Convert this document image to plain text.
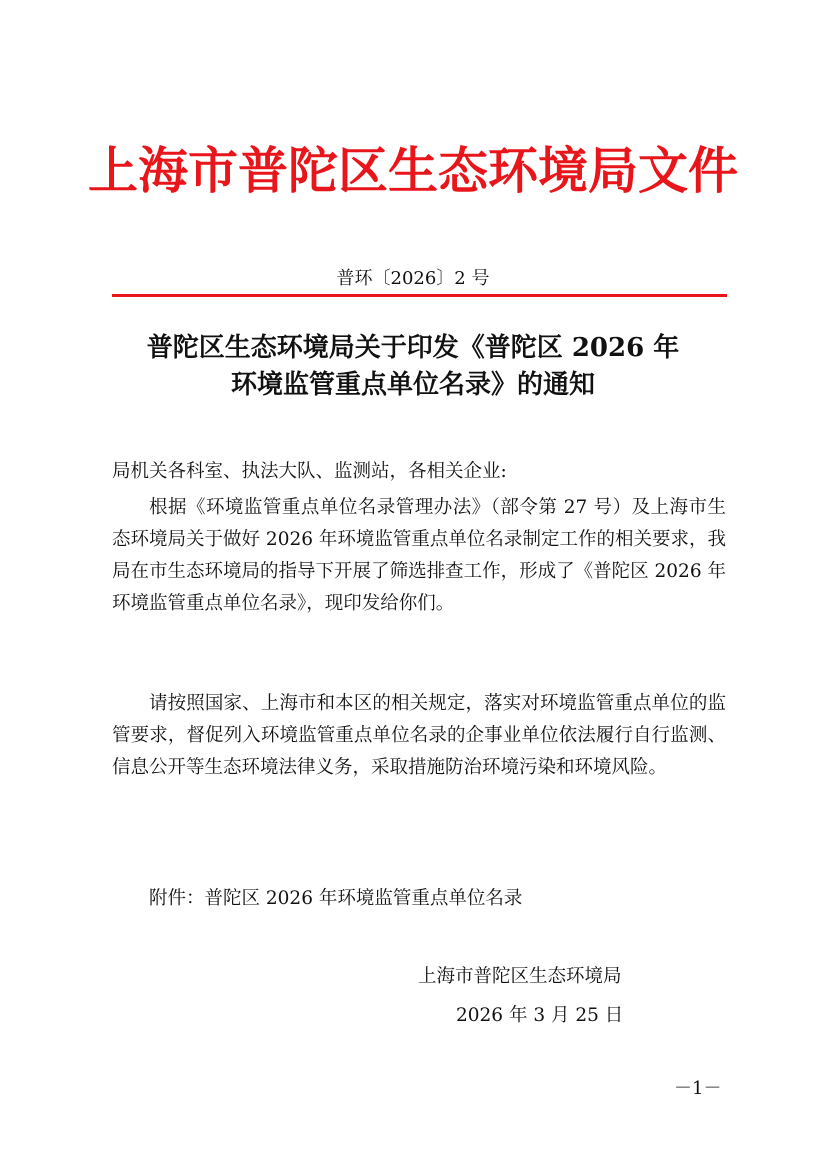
上海市普陀区生态环境局文件
普环〔2026〕2 号
普陀区生态环境局关于印发《普陀区 2026 年
环境监管重点单位名录》的通知
局机关各科室、执法大队、监测站，各相关企业:
根据《环境监管重点单位名录管理办法》（部令第 27 号）及上海市生态环境局关于做好 2026 年环境监管重点单位名录制定工作的相关要求，我局在市生态环境局的指导下开展了筛选排查工作，形成了《普陀区 2026 年环境监管重点单位名录》，现印发给你们。
请按照国家、上海市和本区的相关规定，落实对环境监管重点单位的监管要求，督促列入环境监管重点单位名录的企事业单位依法履行自行监测、信息公开等生态环境法律义务，采取措施防治环境污染和环境风险。
附件：普陀区 2026 年环境监管重点单位名录
上海市普陀区生态环境局
2026 年 3 月 25 日
－1－
